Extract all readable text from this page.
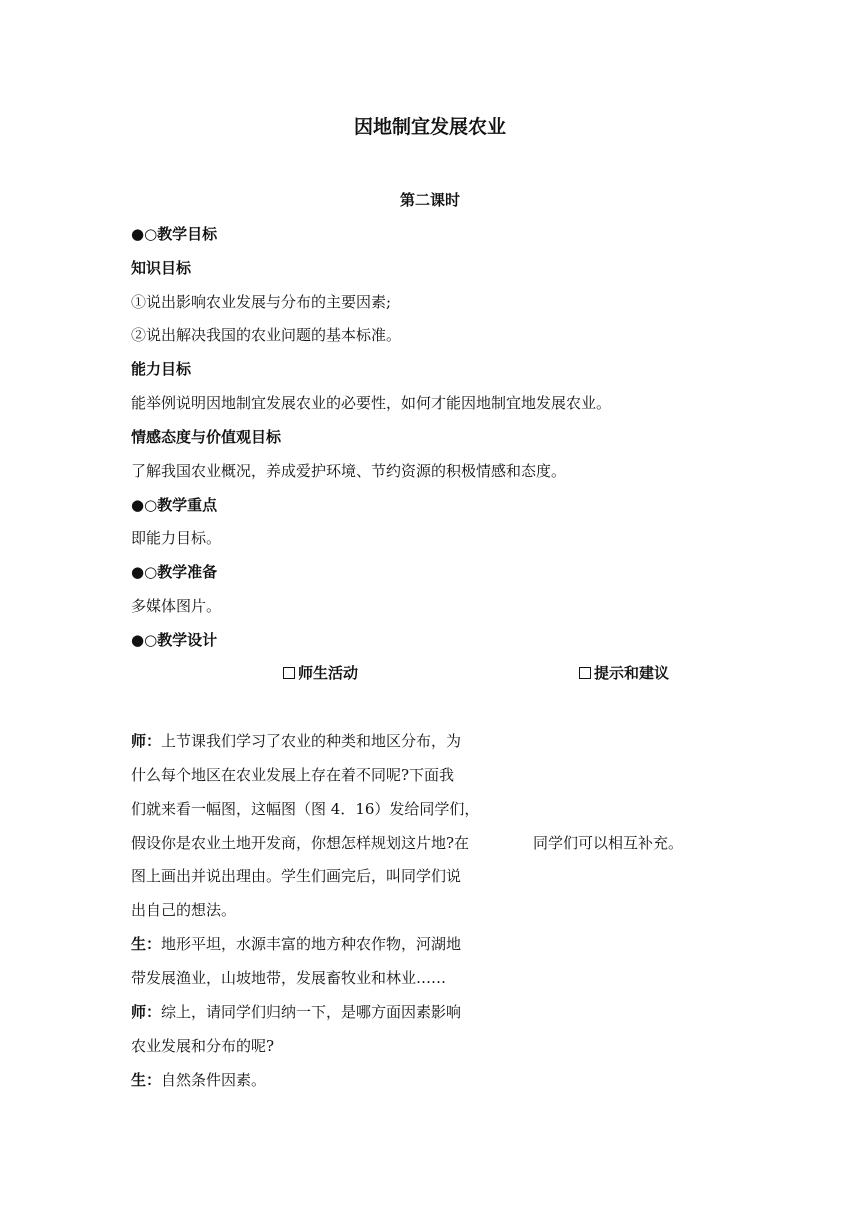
因地制宜发展农业
第二课时
●○教学目标
知识目标
①说出影响农业发展与分布的主要因素;
②说出解决我国的农业问题的基本标准。
能力目标
能举例说明因地制宜发展农业的必要性，如何才能因地制宜地发展农业。
情感态度与价值观目标
了解我国农业概况，养成爱护环境、节约资源的积极情感和态度。
●○教学重点
即能力目标。
●○教学准备
多媒体图片。
●○教学设计
师生活动	提示和建议
师：上节课我们学习了农业的种类和地区分布，为
什么每个地区在农业发展上存在着不同呢?下面我
们就来看一幅图，这幅图（图 4．16）发给同学们，
假设你是农业土地开发商，你想怎样规划这片地?在
图上画出并说出理由。学生们画完后，叫同学们说
出自己的想法。
生：地形平坦，水源丰富的地方种农作物，河湖地
带发展渔业，山坡地带，发展畜牧业和林业……
师：综上，请同学们归纳一下，是哪方面因素影响
农业发展和分布的呢?
生：自然条件因素。
同学们可以相互补充。
